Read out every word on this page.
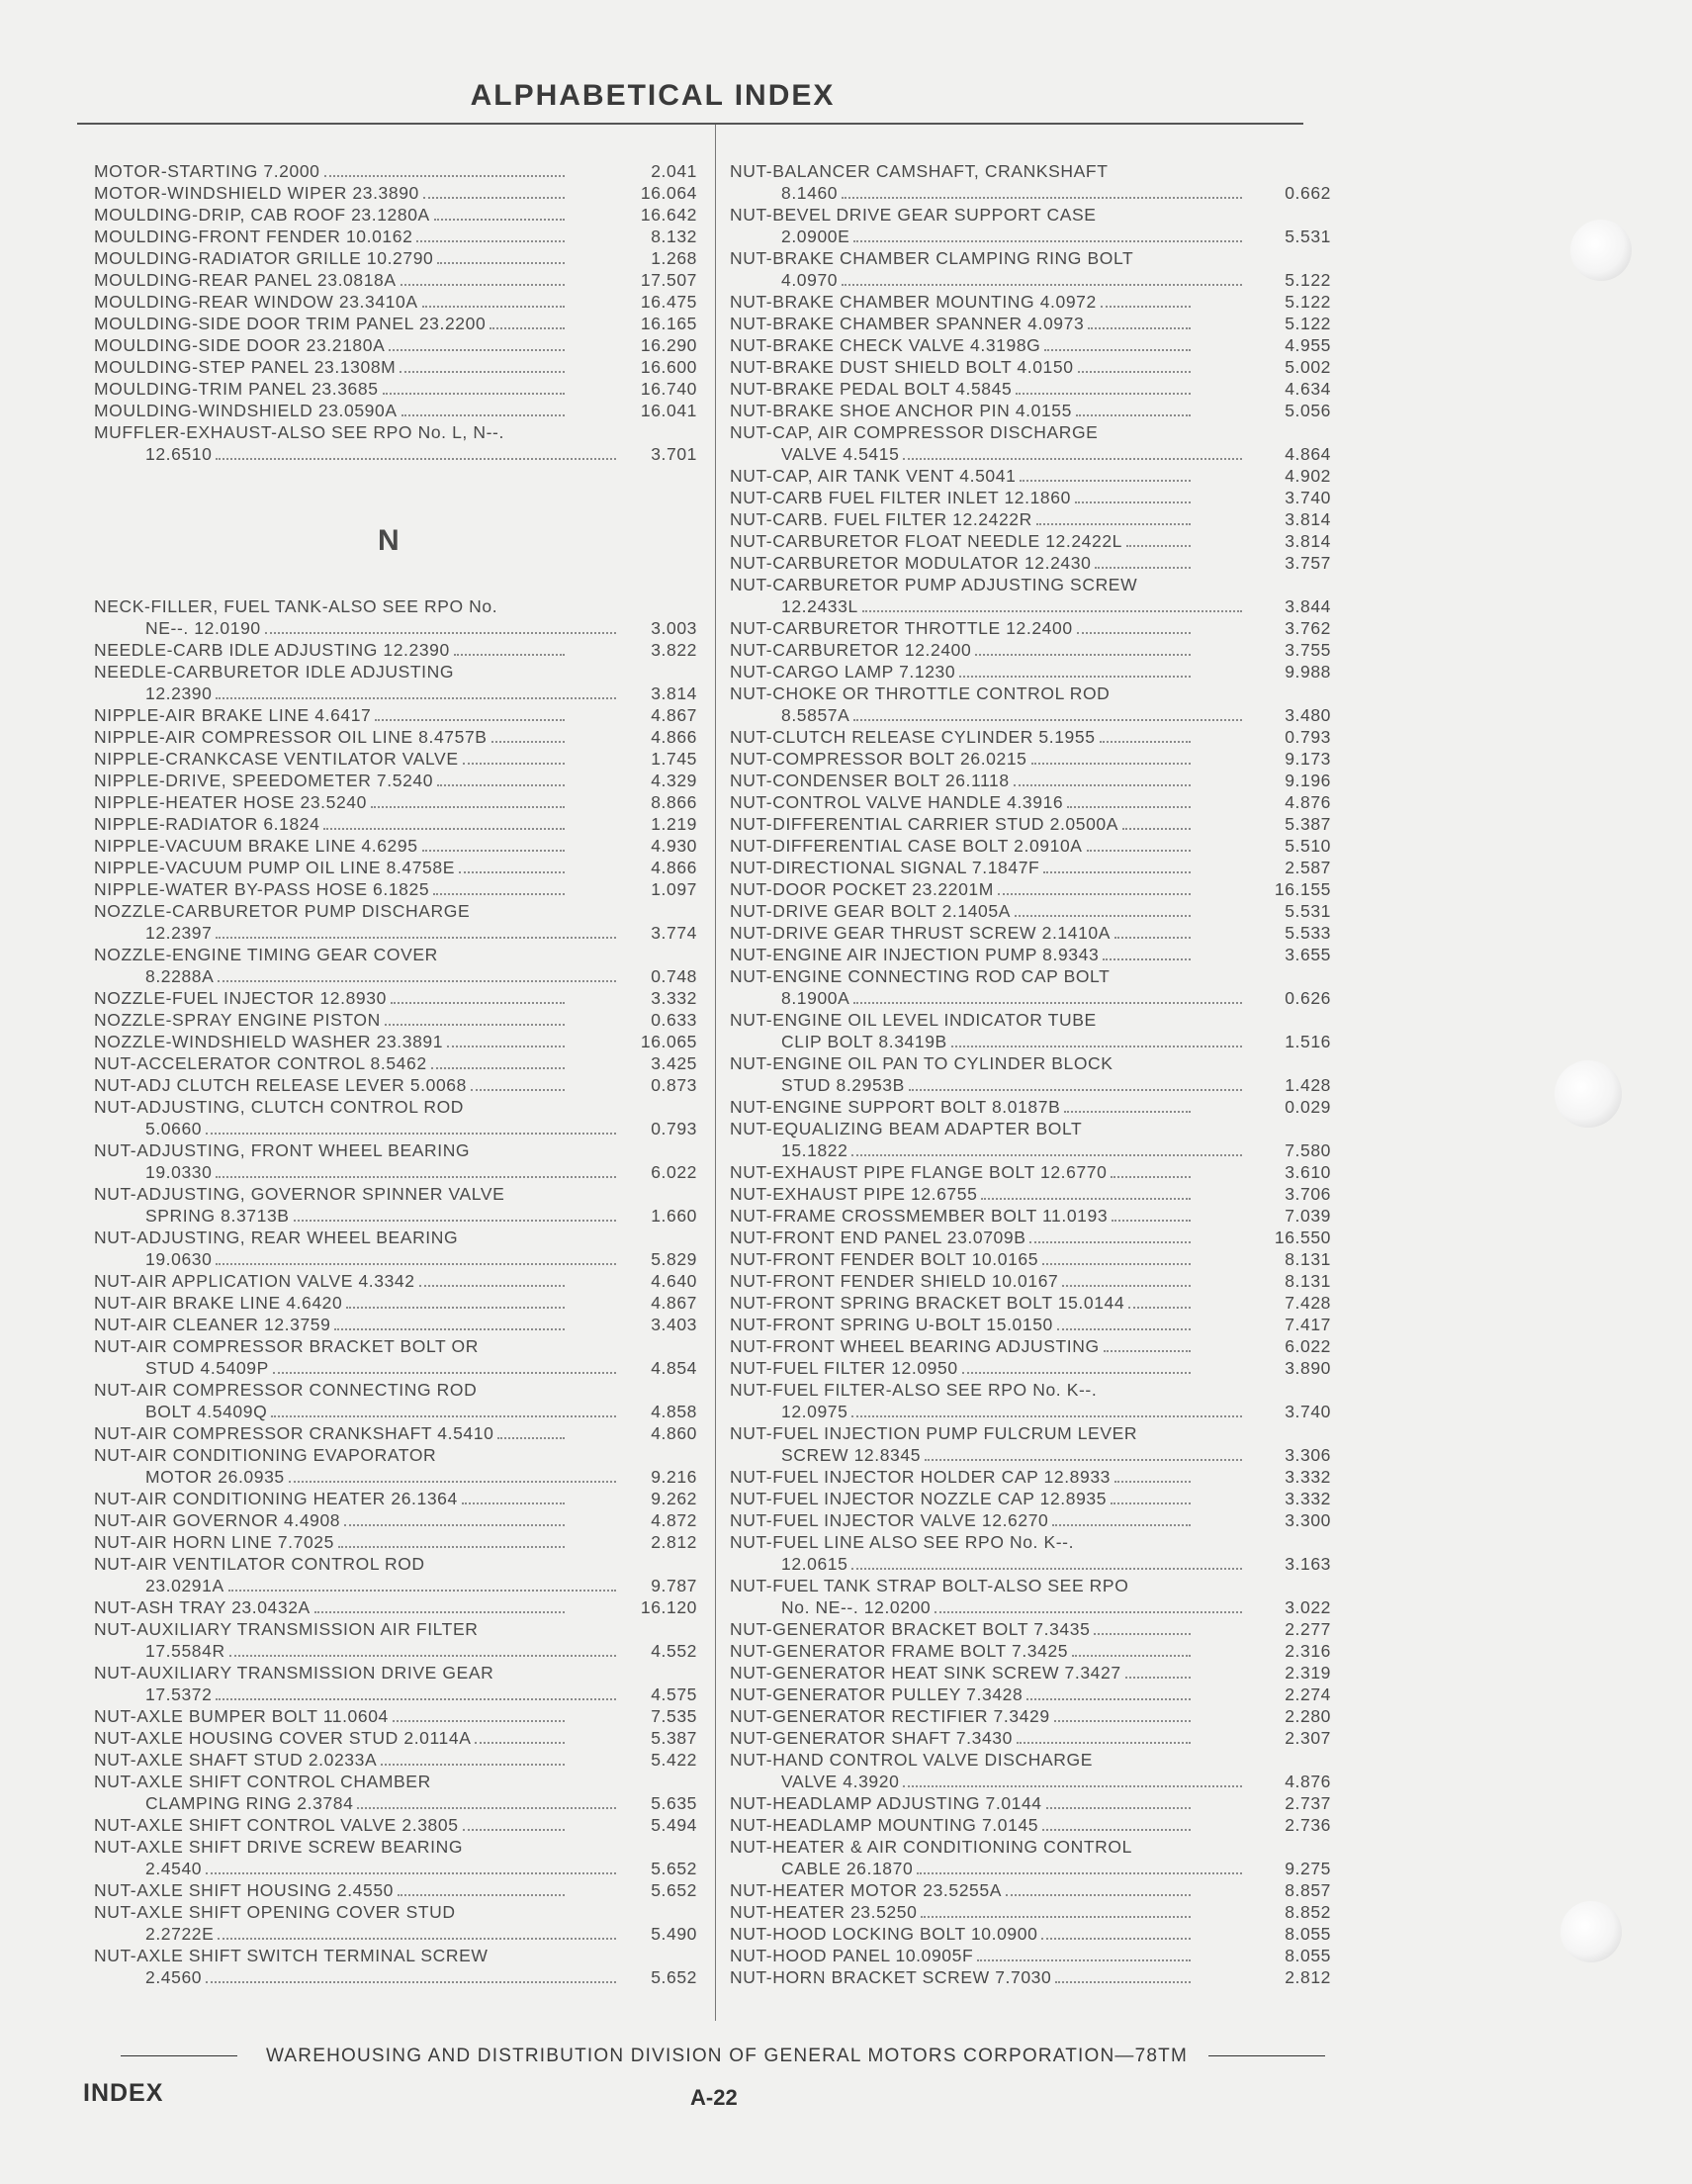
ALPHABETICAL INDEX
MOTOR-STARTING 7.2000	2.041
MOTOR-WINDSHIELD WIPER 23.3890	16.064
MOULDING-DRIP, CAB ROOF 23.1280A	16.642
MOULDING-FRONT FENDER 10.0162	8.132
MOULDING-RADIATOR GRILLE 10.2790	1.268
MOULDING-REAR PANEL 23.0818A	17.507
MOULDING-REAR WINDOW 23.3410A	16.475
MOULDING-SIDE DOOR TRIM PANEL 23.2200	16.165
MOULDING-SIDE DOOR 23.2180A	16.290
MOULDING-STEP PANEL 23.1308M	16.600
MOULDING-TRIM PANEL 23.3685	16.740
MOULDING-WINDSHIELD 23.0590A	16.041
MUFFLER-EXHAUST-ALSO SEE RPO No. L, N--.
12.6510	3.701
N
NECK-FILLER, FUEL TANK-ALSO SEE RPO No.
NE--. 12.0190	3.003
NEEDLE-CARB IDLE ADJUSTING 12.2390	3.822
NEEDLE-CARBURETOR IDLE ADJUSTING
12.2390	3.814
NIPPLE-AIR BRAKE LINE 4.6417	4.867
NIPPLE-AIR COMPRESSOR OIL LINE 8.4757B	4.866
NIPPLE-CRANKCASE VENTILATOR VALVE	1.745
NIPPLE-DRIVE, SPEEDOMETER 7.5240	4.329
NIPPLE-HEATER HOSE 23.5240	8.866
NIPPLE-RADIATOR 6.1824	1.219
NIPPLE-VACUUM BRAKE LINE 4.6295	4.930
NIPPLE-VACUUM PUMP OIL LINE 8.4758E	4.866
NIPPLE-WATER BY-PASS HOSE 6.1825	1.097
NOZZLE-CARBURETOR PUMP DISCHARGE
12.2397	3.774
NOZZLE-ENGINE TIMING GEAR COVER
8.2288A	0.748
NOZZLE-FUEL INJECTOR 12.8930	3.332
NOZZLE-SPRAY ENGINE PISTON	0.633
NOZZLE-WINDSHIELD WASHER 23.3891	16.065
NUT-ACCELERATOR CONTROL 8.5462	3.425
NUT-ADJ CLUTCH RELEASE LEVER 5.0068	0.873
NUT-ADJUSTING, CLUTCH CONTROL ROD
5.0660	0.793
NUT-ADJUSTING, FRONT WHEEL BEARING
19.0330	6.022
NUT-ADJUSTING, GOVERNOR SPINNER VALVE
SPRING 8.3713B	1.660
NUT-ADJUSTING, REAR WHEEL BEARING
19.0630	5.829
NUT-AIR APPLICATION VALVE 4.3342	4.640
NUT-AIR BRAKE LINE 4.6420	4.867
NUT-AIR CLEANER 12.3759	3.403
NUT-AIR COMPRESSOR BRACKET BOLT OR
STUD 4.5409P	4.854
NUT-AIR COMPRESSOR CONNECTING ROD
BOLT 4.5409Q	4.858
NUT-AIR COMPRESSOR CRANKSHAFT 4.5410	4.860
NUT-AIR CONDITIONING EVAPORATOR
MOTOR 26.0935	9.216
NUT-AIR CONDITIONING HEATER 26.1364	9.262
NUT-AIR GOVERNOR 4.4908	4.872
NUT-AIR HORN LINE 7.7025	2.812
NUT-AIR VENTILATOR CONTROL ROD
23.0291A	9.787
NUT-ASH TRAY 23.0432A	16.120
NUT-AUXILIARY TRANSMISSION AIR FILTER
17.5584R	4.552
NUT-AUXILIARY TRANSMISSION DRIVE GEAR
17.5372	4.575
NUT-AXLE BUMPER BOLT 11.0604	7.535
NUT-AXLE HOUSING COVER STUD 2.0114A	5.387
NUT-AXLE SHAFT STUD 2.0233A	5.422
NUT-AXLE SHIFT CONTROL CHAMBER
CLAMPING RING 2.3784	5.635
NUT-AXLE SHIFT CONTROL VALVE 2.3805	5.494
NUT-AXLE SHIFT DRIVE SCREW BEARING
2.4540	5.652
NUT-AXLE SHIFT HOUSING 2.4550	5.652
NUT-AXLE SHIFT OPENING COVER STUD
2.2722E	5.490
NUT-AXLE SHIFT SWITCH TERMINAL SCREW
2.4560	5.652
NUT-BALANCER CAMSHAFT, CRANKSHAFT
8.1460	0.662
NUT-BEVEL DRIVE GEAR SUPPORT CASE
2.0900E	5.531
NUT-BRAKE CHAMBER CLAMPING RING BOLT
4.0970	5.122
NUT-BRAKE CHAMBER MOUNTING 4.0972	5.122
NUT-BRAKE CHAMBER SPANNER 4.0973	5.122
NUT-BRAKE CHECK VALVE 4.3198G	4.955
NUT-BRAKE DUST SHIELD BOLT 4.0150	5.002
NUT-BRAKE PEDAL BOLT 4.5845	4.634
NUT-BRAKE SHOE ANCHOR PIN 4.0155	5.056
NUT-CAP, AIR COMPRESSOR DISCHARGE
VALVE 4.5415	4.864
NUT-CAP, AIR TANK VENT 4.5041	4.902
NUT-CARB FUEL FILTER INLET 12.1860	3.740
NUT-CARB. FUEL FILTER 12.2422R	3.814
NUT-CARBURETOR FLOAT NEEDLE 12.2422L	3.814
NUT-CARBURETOR MODULATOR 12.2430	3.757
NUT-CARBURETOR PUMP ADJUSTING SCREW
12.2433L	3.844
NUT-CARBURETOR THROTTLE 12.2400	3.762
NUT-CARBURETOR 12.2400	3.755
NUT-CARGO LAMP 7.1230	9.988
NUT-CHOKE OR THROTTLE CONTROL ROD
8.5857A	3.480
NUT-CLUTCH RELEASE CYLINDER 5.1955	0.793
NUT-COMPRESSOR BOLT 26.0215	9.173
NUT-CONDENSER BOLT 26.1118	9.196
NUT-CONTROL VALVE HANDLE 4.3916	4.876
NUT-DIFFERENTIAL CARRIER STUD 2.0500A	5.387
NUT-DIFFERENTIAL CASE BOLT 2.0910A	5.510
NUT-DIRECTIONAL SIGNAL 7.1847F	2.587
NUT-DOOR POCKET 23.2201M	16.155
NUT-DRIVE GEAR BOLT 2.1405A	5.531
NUT-DRIVE GEAR THRUST SCREW 2.1410A	5.533
NUT-ENGINE AIR INJECTION PUMP 8.9343	3.655
NUT-ENGINE CONNECTING ROD CAP BOLT
8.1900A	0.626
NUT-ENGINE OIL LEVEL INDICATOR TUBE
CLIP BOLT 8.3419B	1.516
NUT-ENGINE OIL PAN TO CYLINDER BLOCK
STUD 8.2953B	1.428
NUT-ENGINE SUPPORT BOLT 8.0187B	0.029
NUT-EQUALIZING BEAM ADAPTER BOLT
15.1822	7.580
NUT-EXHAUST PIPE FLANGE BOLT 12.6770	3.610
NUT-EXHAUST PIPE 12.6755	3.706
NUT-FRAME CROSSMEMBER BOLT 11.0193	7.039
NUT-FRONT END PANEL 23.0709B	16.550
NUT-FRONT FENDER BOLT 10.0165	8.131
NUT-FRONT FENDER SHIELD 10.0167	8.131
NUT-FRONT SPRING BRACKET BOLT 15.0144	7.428
NUT-FRONT SPRING U-BOLT 15.0150	7.417
NUT-FRONT WHEEL BEARING ADJUSTING	6.022
NUT-FUEL FILTER 12.0950	3.890
NUT-FUEL FILTER-ALSO SEE RPO No. K--.
12.0975	3.740
NUT-FUEL INJECTION PUMP FULCRUM LEVER
SCREW 12.8345	3.306
NUT-FUEL INJECTOR HOLDER CAP 12.8933	3.332
NUT-FUEL INJECTOR NOZZLE CAP 12.8935	3.332
NUT-FUEL INJECTOR VALVE 12.6270	3.300
NUT-FUEL LINE ALSO SEE RPO No. K--.
12.0615	3.163
NUT-FUEL TANK STRAP BOLT-ALSO SEE RPO
No. NE--. 12.0200	3.022
NUT-GENERATOR BRACKET BOLT 7.3435	2.277
NUT-GENERATOR FRAME BOLT 7.3425	2.316
NUT-GENERATOR HEAT SINK SCREW 7.3427	2.319
NUT-GENERATOR PULLEY 7.3428	2.274
NUT-GENERATOR RECTIFIER 7.3429	2.280
NUT-GENERATOR SHAFT 7.3430	2.307
NUT-HAND CONTROL VALVE DISCHARGE
VALVE 4.3920	4.876
NUT-HEADLAMP ADJUSTING 7.0144	2.737
NUT-HEADLAMP MOUNTING 7.0145	2.736
NUT-HEATER & AIR CONDITIONING CONTROL
CABLE 26.1870	9.275
NUT-HEATER MOTOR 23.5255A	8.857
NUT-HEATER 23.5250	8.852
NUT-HOOD LOCKING BOLT 10.0900	8.055
NUT-HOOD PANEL 10.0905F	8.055
NUT-HORN BRACKET SCREW 7.7030	2.812
WAREHOUSING AND DISTRIBUTION DIVISION OF GENERAL MOTORS CORPORATION—78TM
INDEX	A-22
